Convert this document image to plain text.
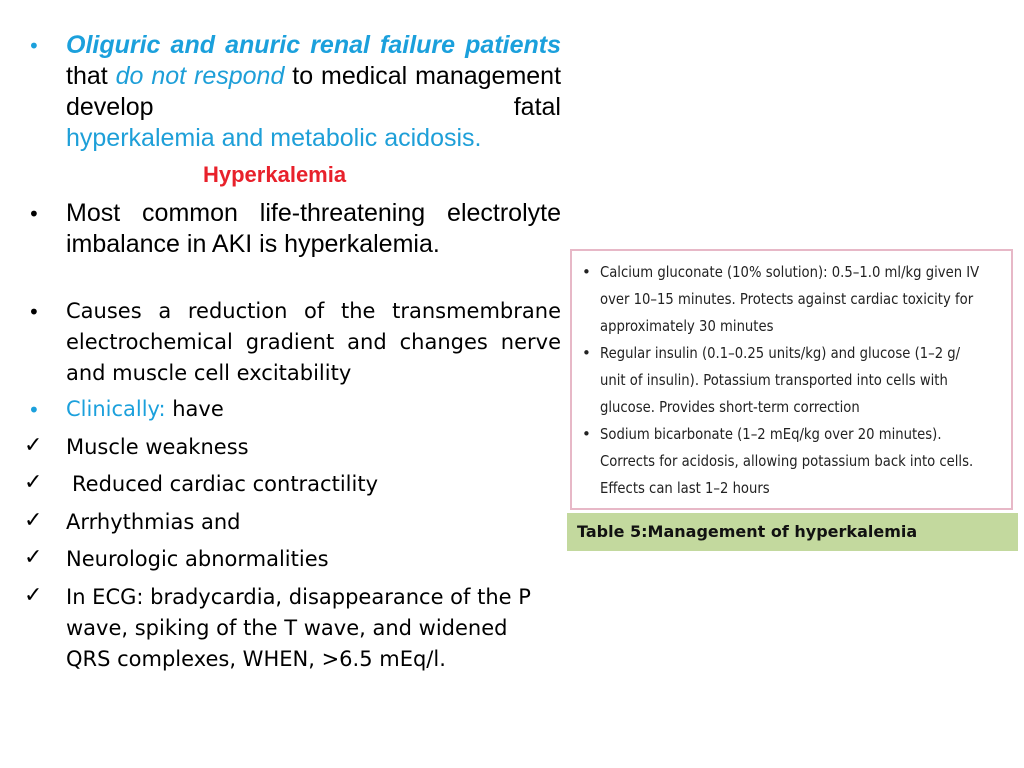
• Oliguric and anuric renal failure patients that do not respond to medical management develop fatal
hyperkalemia and metabolic acidosis.
Hyperkalemia
• Most common life-threatening electrolyte imbalance in AKI is hyperkalemia.

• Causes a reduction of the transmembrane electrochemical gradient and changes nerve and muscle cell excitability

• Clinically: have

✓ Muscle weakness

✓ Reduced cardiac contractility

✓ Arrhythmias and

✓ Neurologic abnormalities

✓ In ECG: bradycardia, disappearance of the P wave, spiking of the T wave, and widened QRS complexes, WHEN, >6.5 mEq/l.

• Calcium gluconate (10% solution): 0.5–1.0 ml/kg given IV
over 10–15 minutes. Protects against cardiac toxicity for
approximately 30 minutes
• Regular insulin (0.1–0.25 units/kg) and glucose (1–2 g/
unit of insulin). Potassium transported into cells with
glucose. Provides short-term correction
• Sodium bicarbonate (1–2 mEq/kg over 20 minutes).
Corrects for acidosis, allowing potassium back into cells.
Effects can last 1–2 hours
Table 5:Management of hyperkalemia
